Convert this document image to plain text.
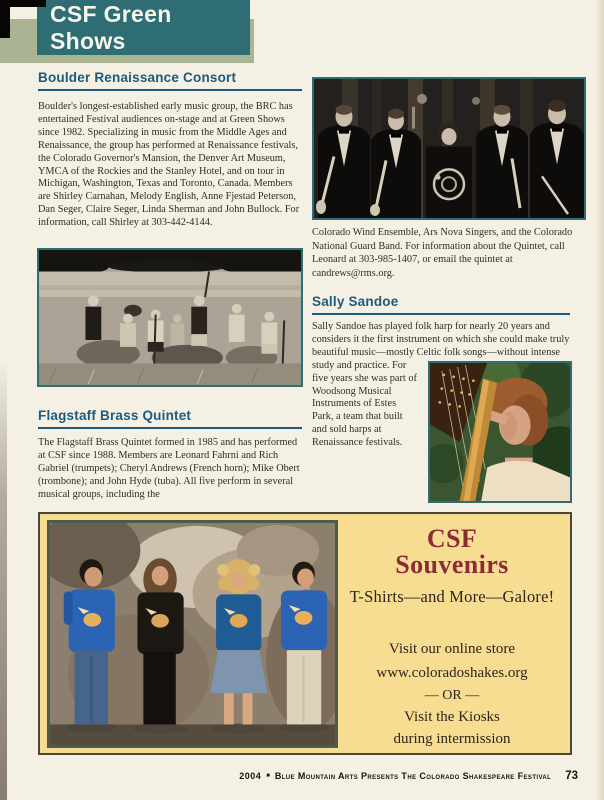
CSF Green Shows
Boulder Renaissance Consort
Boulder's longest-established early music group, the BRC has entertained Festival audiences on-stage and at Green Shows since 1982. Specializing in music from the Middle Ages and Renaissance, the group has performed at Renaissance festivals, the Colorado Governor's Mansion, the Denver Art Museum, YMCA of the Rockies and the Stanley Hotel, and on tour in Michigan, Washington, Texas and Toronto, Canada. Members are Shirley Carnahan, Melody English, Anne Fjestad Peterson, Dan Seger, Claire Seger, Linda Sherman and John Bullock. For information, call Shirley at 303-442-4144.
Colorado Wind Ensemble, Ars Nova Singers, and the Colorado National Guard Band. For information about the Quintet, call Leonard at 303-985-1407, or email the quintet at candrews@rms.org.
Flagstaff Brass Quintet
The Flagstaff Brass Quintet formed in 1985 and has performed at CSF since 1988. Members are Leonard Fahrni and Rich Gabriel (trumpets); Cheryl Andrews (French horn); Mike Obert (trombone); and John Hyde (tuba). All five perform in several musical groups, including the
Sally Sandoe
Sally Sandoe has played folk harp for nearly 20 years and considers it the first instrument on which she could make truly beautiful music—mostly Celtic folk songs—without intense study and practice. For five years she was part of Woodsong Musical Instruments of Estes Park, a team that built and sold harps at Renaissance festivals.
CSF
Souvenirs
T-Shirts—and More—Galore!
Visit our online store
www.coloradoshakes.org
— OR —
Visit the Kiosks
during intermission
2004 ■ Blue Mountain Arts Presents The Colorado Shakespeare Festival 73
